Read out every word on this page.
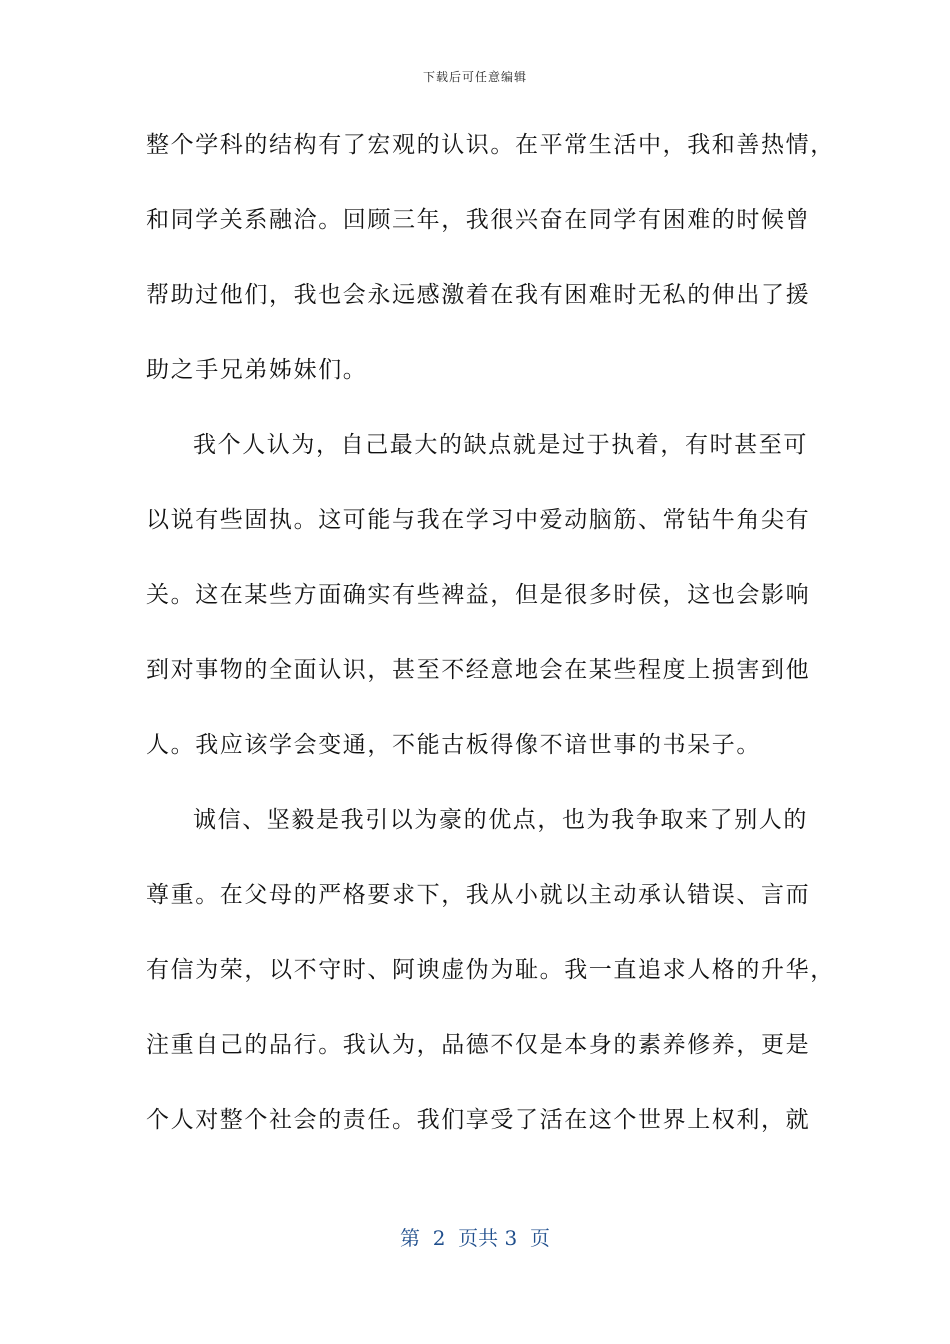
下载后可任意编辑
整个学科的结构有了宏观的认识。在平常生活中，我和善热情，
和同学关系融洽。回顾三年，我很兴奋在同学有困难的时候曾
帮助过他们，我也会永远感激着在我有困难时无私的伸出了援
助之手兄弟姊妹们。
我个人认为，自己最大的缺点就是过于执着，有时甚至可
以说有些固执。这可能与我在学习中爱动脑筋、常钻牛角尖有
关。这在某些方面确实有些裨益，但是很多时侯，这也会影响
到对事物的全面认识，甚至不经意地会在某些程度上损害到他
人。我应该学会变通，不能古板得像不谙世事的书呆子。
诚信、坚毅是我引以为豪的优点，也为我争取来了别人的
尊重。在父母的严格要求下，我从小就以主动承认错误、言而
有信为荣，以不守时、阿谀虚伪为耻。我一直追求人格的升华，
注重自己的品行。我认为，品德不仅是本身的素养修养，更是
个人对整个社会的责任。我们享受了活在这个世界上权利，就
第  2  页共 3  页
